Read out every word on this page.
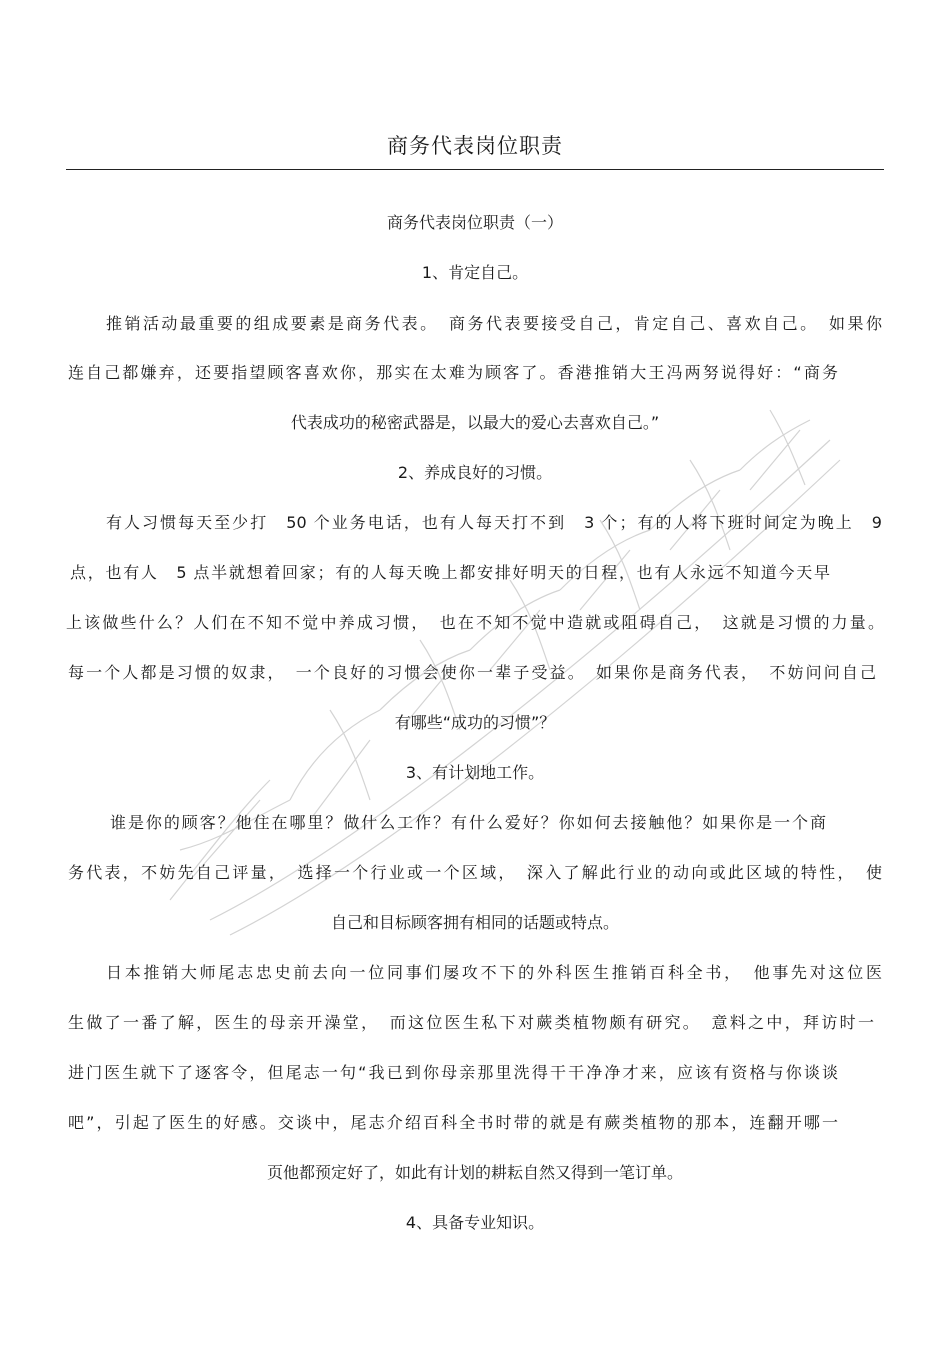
商务代表岗位职责
商务代表岗位职责（一）
1、肯定自己。
推销活动最重要的组成要素是商务代表。　商务代表要接受自己，肯定自己、喜欢自己。　如果你
连自己都嫌弃，还要指望顾客喜欢你，那实在太难为顾客了。香港推销大王冯两努说得好：“商务
代表成功的秘密武器是，以最大的爱心去喜欢自己。”
2、养成良好的习惯。
有人习惯每天至少打　50 个业务电话，也有人每天打不到　3 个；有的人将下班时间定为晚上　9
点，也有人　5 点半就想着回家；有的人每天晚上都安排好明天的日程，也有人永远不知道今天早
上该做些什么？人们在不知不觉中养成习惯，　也在不知不觉中造就或阻碍自己，　这就是习惯的力量。
每一个人都是习惯的奴隶，　一个良好的习惯会使你一辈子受益。　如果你是商务代表，　不妨问问自己
有哪些“成功的习惯”？
3、有计划地工作。
谁是你的顾客？他住在哪里？做什么工作？有什么爱好？你如何去接触他？如果你是一个商
务代表，不妨先自己评量，　选择一个行业或一个区域，　深入了解此行业的动向或此区域的特性，　使
自己和目标顾客拥有相同的话题或特点。
日本推销大师尾志忠史前去向一位同事们屡攻不下的外科医生推销百科全书，　他事先对这位医
生做了一番了解，医生的母亲开澡堂，　而这位医生私下对蕨类植物颇有研究。　意料之中，拜访时一
进门医生就下了逐客令，但尾志一句“我已到你母亲那里洗得干干净净才来，应该有资格与你谈谈
吧”，引起了医生的好感。交谈中，尾志介绍百科全书时带的就是有蕨类植物的那本，连翻开哪一
页他都预定好了，如此有计划的耕耘自然又得到一笔订单。
4、具备专业知识。
